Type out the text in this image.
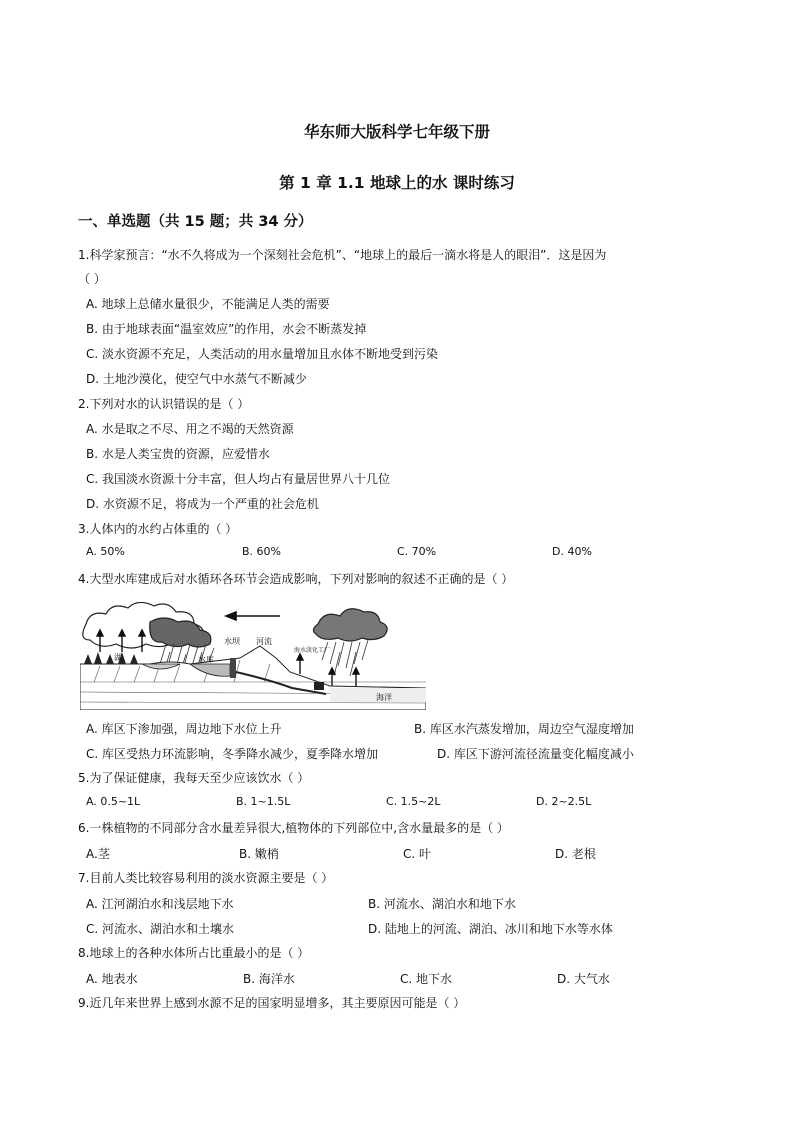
华东师大版科学七年级下册
第 1 章 1.1 地球上的水 课时练习
一、单选题（共 15 题；共 34 分）
1.科学家预言：“水不久将成为一个深刻社会危机”、“地球上的最后一滴水将是人的眼泪”．这是因为
（ ）
A. 地球上总储水量很少，不能满足人类的需要
B. 由于地球表面“温室效应”的作用，水会不断蒸发掉
C. 淡水资源不充足，人类活动的用水量增加且水体不断地受到污染
D. 土地沙漠化，使空气中水蒸气不断减少
2.下列对水的认识错误的是（ ）
A. 水是取之不尽、用之不竭的天然资源
B. 水是人类宝贵的资源，应爱惜水
C. 我国淡水资源十分丰富，但人均占有量居世界八十几位
D. 水资源不足，将成为一个严重的社会危机
3.人体内的水约占体重的（ ）
A. 50%	B. 60%	C. 70%	D. 40%
4.大型水库建成后对水循环各环节会造成影响，下列对影响的叙述不正确的是（ ）
湖	水库
水坝 河流
海水淡化工厂
海洋
A. 库区下渗加强，周边地下水位上升	B. 库区水汽蒸发增加，周边空气湿度增加
C. 库区受热力环流影响，冬季降水减少，夏季降水增加	D. 库区下游河流径流量变化幅度减小
5.为了保证健康，我每天至少应该饮水（ ）
A. 0.5~1L	B. 1~1.5L	C. 1.5~2L	D. 2~2.5L
6.一株植物的不同部分含水量差异很大,植物体的下列部位中,含水量最多的是（ ）
A.茎	B. 嫩梢	C. 叶	D. 老根
7.目前人类比较容易利用的淡水资源主要是（ ）
A. 江河湖泊水和浅层地下水	B. 河流水、湖泊水和地下水
C. 河流水、湖泊水和土壤水	D. 陆地上的河流、湖泊、冰川和地下水等水体
8.地球上的各种水体所占比重最小的是（ ）
A. 地表水	B. 海洋水	C. 地下水	D. 大气水
9.近几年来世界上感到水源不足的国家明显增多，其主要原因可能是（ ）
